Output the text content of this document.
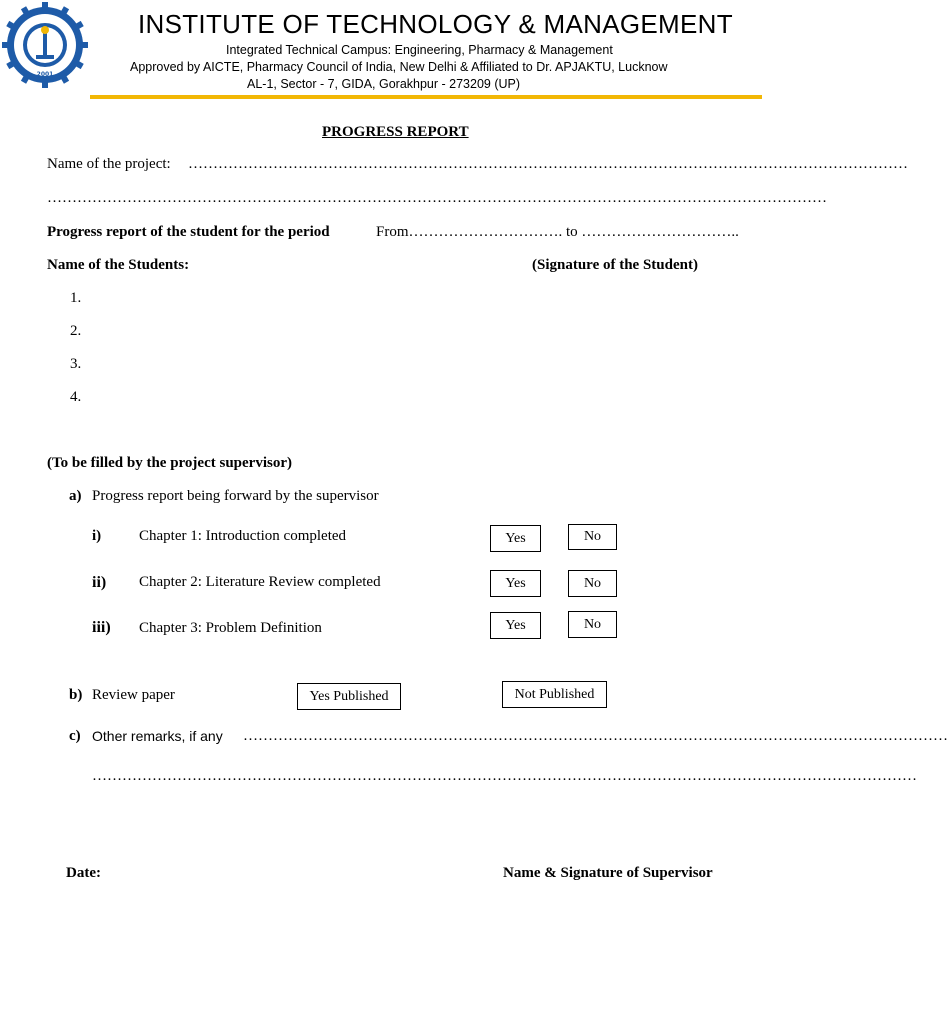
2001
INSTITUTE OF TECHNOLOGY & MANAGEMENT
Integrated Technical Campus: Engineering, Pharmacy & Management
Approved by AICTE, Pharmacy Council of India, New Delhi & Affiliated to Dr. APJAKTU, Lucknow
AL-1, Sector - 7, GIDA, Gorakhpur - 273209 (UP)
PROGRESS REPORT
Name of the project: ………………………………………………………………………………………………………………………………
…………………………………………………………………………………………………………………………………………
Progress report of the student for the period	From…………………………. to …………………………..
Name of the Students:	(Signature of the Student)
1.
2.
3.
4.
(To be filled by the project supervisor)
a) Progress report being forward by the supervisor
i)	Chapter 1: Introduction completed	Yes	No
ii) Chapter 2: Literature Review completed	Yes	No
iii) Chapter 3: Problem Definition	Yes	No
b) Review paper	Yes Published	Not Published
c) Other remarks, if any ……………………………………………………………………………………………………………………………
…………………………………………………………………………………………………………………………………………………
Date:	Name & Signature of Supervisor
